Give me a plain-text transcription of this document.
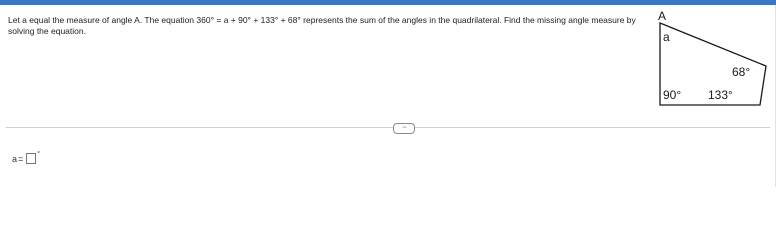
Let a equal the measure of angle A. The equation 360° = a + 90° + 133° + 68° represents the sum of the angles in the quadrilateral. Find the missing angle measure by solving the equation.
A
a
90° 133°
68°
···
a = °
